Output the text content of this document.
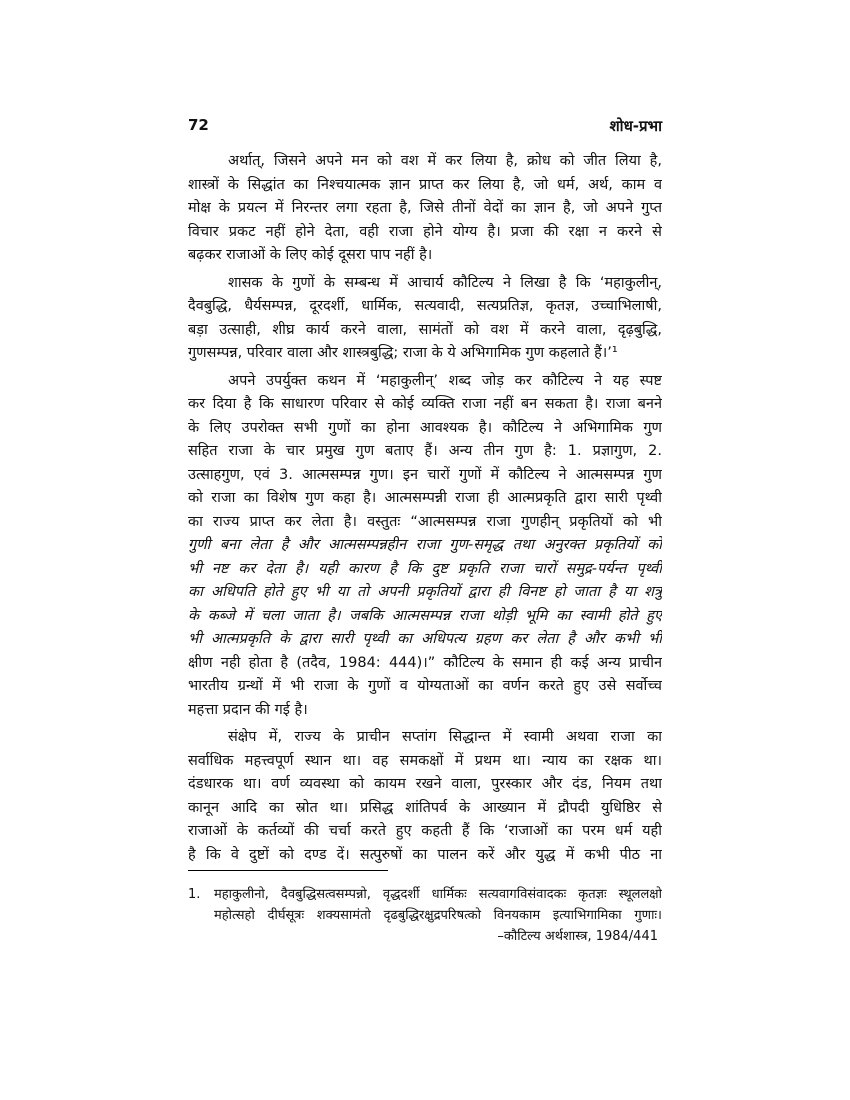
72	शोध-प्रभा
अर्थात्, जिसने अपने मन को वश में कर लिया है, क्रोध को जीत लिया है,
शास्त्रों के सिद्धांत का निश्चयात्मक ज्ञान प्राप्त कर लिया है, जो धर्म, अर्थ, काम व
मोक्ष के प्रयत्न में निरन्तर लगा रहता है, जिसे तीनों वेदों का ज्ञान है, जो अपने गुप्त
विचार प्रकट नहीं होने देता, वही राजा होने योग्य है। प्रजा की रक्षा न करने से
बढ़कर राजाओं के लिए कोई दूसरा पाप नहीं है।
शासक के गुणों के सम्बन्ध में आचार्य कौटिल्य ने लिखा है कि ‘महाकुलीन्,
दैवबुद्धि, धैर्यसम्पन्न, दूरदर्शी, धार्मिक, सत्यवादी, सत्यप्रतिज्ञ, कृतज्ञ, उच्चाभिलाषी,
बड़ा उत्साही, शीघ्र कार्य करने वाला, सामंतों को वश में करने वाला, दृढ़बुद्धि,
गुणसम्पन्न, परिवार वाला और शास्त्रबुद्धि; राजा के ये अभिगामिक गुण कहलाते हैं।’¹
अपने उपर्युक्त कथन में ‘महाकुलीन्’ शब्द जोड़ कर कौटिल्य ने यह स्पष्ट
कर दिया है कि साधारण परिवार से कोई व्यक्ति राजा नहीं बन सकता है। राजा बनने
के लिए उपरोक्त सभी गुणों का होना आवश्यक है। कौटिल्य ने अभिगामिक गुण
सहित राजा के चार प्रमुख गुण बताए हैं। अन्य तीन गुण है: 1. प्रज्ञागुण, 2.
उत्साहगुण, एवं 3. आत्मसम्पन्न गुण। इन चारों गुणों में कौटिल्य ने आत्मसम्पन्न गुण
को राजा का विशेष गुण कहा है। आत्मसम्पन्नी राजा ही आत्मप्रकृति द्वारा सारी पृथ्वी
का राज्य प्राप्त कर लेता है। वस्तुतः “आत्मसम्पन्न राजा गुणहीन् प्रकृतियों को भी
गुणी बना लेता है और आत्मसम्पन्नहीन राजा गुण-समृद्ध तथा अनुरक्त प्रकृतियों को
भी नष्ट कर देता है। यही कारण है कि दुष्ट प्रकृति राजा चारों समुद्र-पर्यन्त पृथ्वी
का अधिपति होते हुए भी या तो अपनी प्रकृतियों द्वारा ही विनष्ट हो जाता है या शत्रु
के कब्जे में चला जाता है। जबकि आत्मसम्पन्न राजा थोड़ी भूमि का स्वामी होते हुए
भी आत्मप्रकृति के द्वारा सारी पृथ्वी का अधिपत्य ग्रहण कर लेता है और कभी भी
क्षीण नही होता है (तदैव, 1984: 444)।” कौटिल्य के समान ही कई अन्य प्राचीन
भारतीय ग्रन्थों में भी राजा के गुणों व योग्यताओं का वर्णन करते हुए उसे सर्वोच्च
महत्ता प्रदान की गई है।
संक्षेप में, राज्य के प्राचीन सप्तांग सिद्धान्त में स्वामी अथवा राजा का
सर्वाधिक महत्त्वपूर्ण स्थान था। वह समकक्षों में प्रथम था। न्याय का रक्षक था।
दंडधारक था। वर्ण व्यवस्था को कायम रखने वाला, पुरस्कार और दंड, नियम तथा
कानून आदि का स्रोत था। प्रसिद्ध शांतिपर्व के आख्यान में द्रौपदी युधिष्ठिर से
राजाओं के कर्तव्यों की चर्चा करते हुए कहती हैं कि ‘राजाओं का परम धर्म यही
है कि वे दुष्टों को दण्ड दें। सत्पुरुषों का पालन करें और युद्ध में कभी पीठ ना
1. महाकुलीनो, दैवबुद्धिसत्वसम्पन्नो, वृद्धदर्शी धार्मिकः सत्यवागविसंवादकः कृतज्ञः स्थूललक्षो
महोत्सहो दीर्घसूत्रः शक्यसामंतो दृढबुद्धिरक्षुद्रपरिषत्को विनयकाम इत्याभिगामिका गुणाः।
–कौटिल्य अर्थशास्त्र, 1984/441
